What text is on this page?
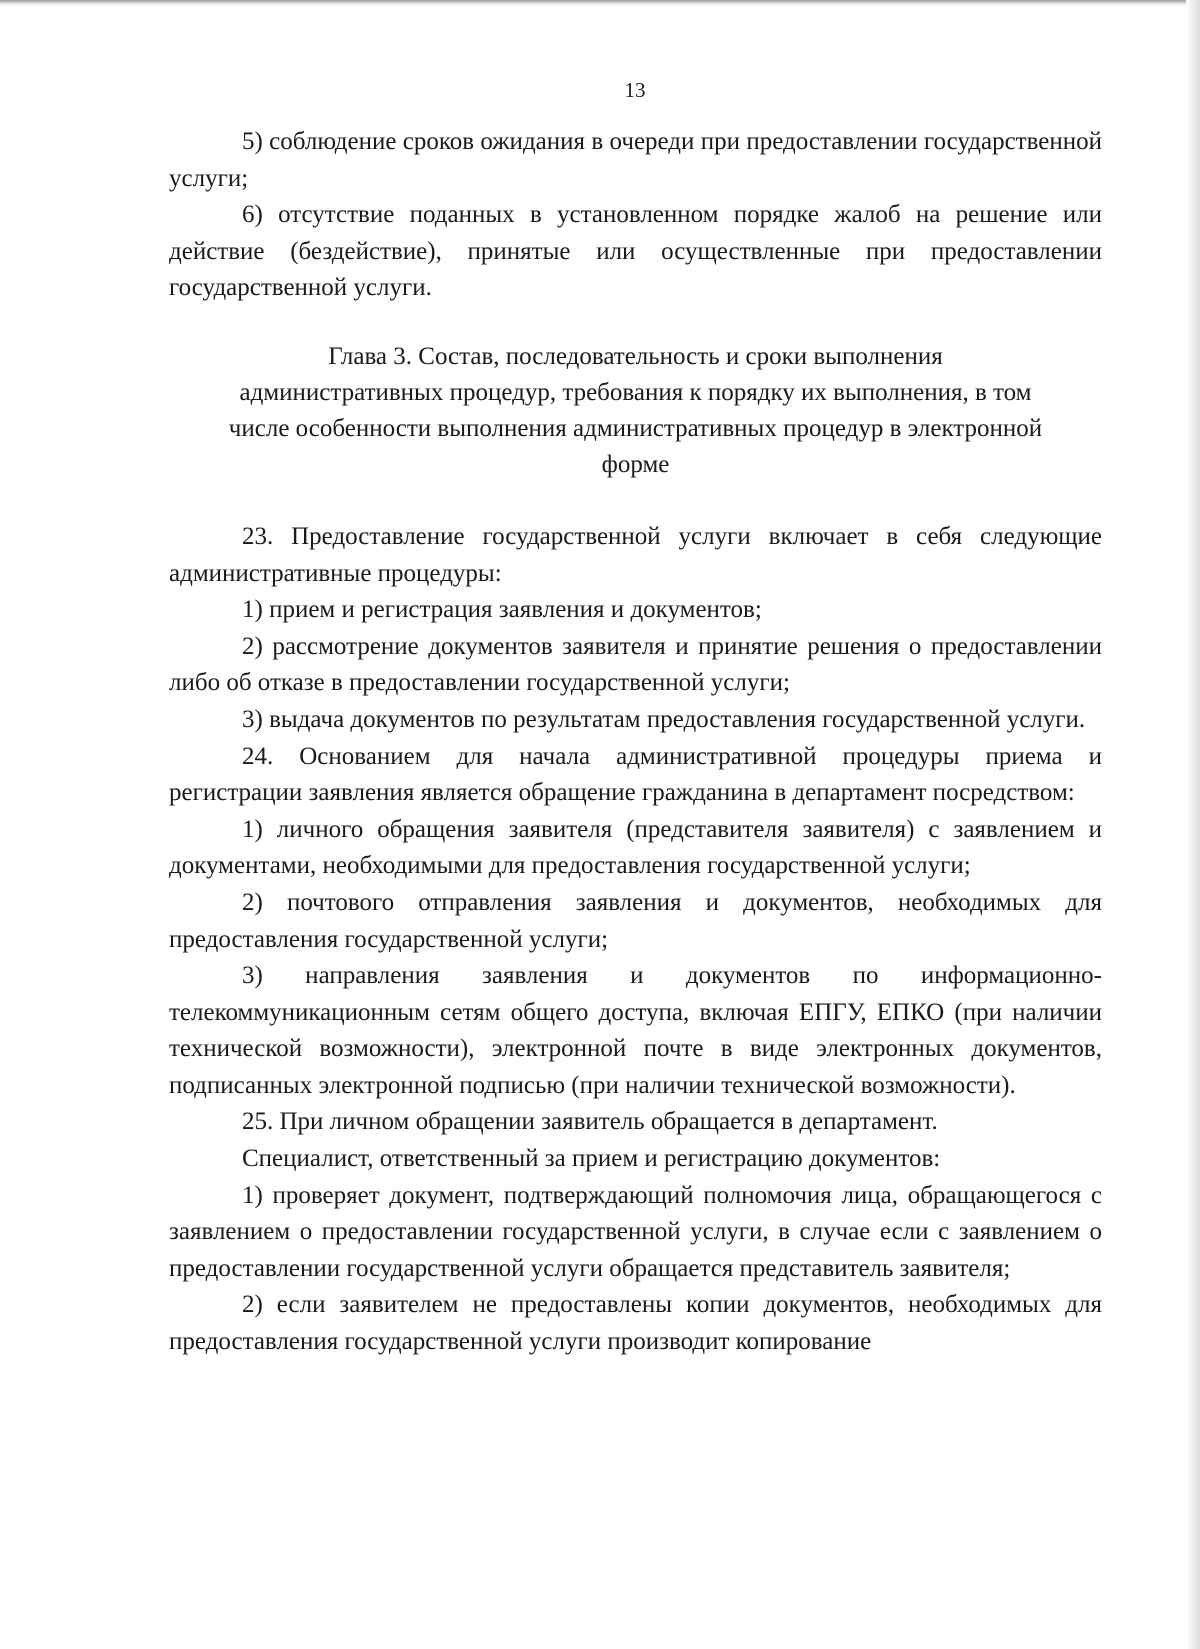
13

5) соблюдение сроков ожидания в очереди при предоставлении государственной услуги;

6) отсутствие поданных в установленном порядке жалоб на решение или действие (бездействие), принятые или осуществленные при предоставлении государственной услуги.

Глава 3. Состав, последовательность и сроки выполнения
административных процедур, требования к порядку их выполнения, в том
числе особенности выполнения административных процедур в электронной
форме

23. Предоставление государственной услуги включает в себя следующие административные процедуры:

1) прием и регистрация заявления и документов;

2) рассмотрение документов заявителя и принятие решения о предоставлении либо об отказе в предоставлении государственной услуги;

3) выдача документов по результатам предоставления государственной услуги.

24. Основанием для начала административной процедуры приема и регистрации заявления является обращение гражданина в департамент посредством:

1) личного обращения заявителя (представителя заявителя) с заявлением и документами, необходимыми для предоставления государственной услуги;

2) почтового отправления заявления и документов, необходимых для предоставления государственной услуги;

3) направления заявления и документов по информационно-телекоммуникационным сетям общего доступа, включая ЕПГУ, ЕПКО (при наличии технической возможности), электронной почте в виде электронных документов, подписанных электронной подписью (при наличии технической возможности).

25. При личном обращении заявитель обращается в департамент.

Специалист, ответственный за прием и регистрацию документов:

1) проверяет документ, подтверждающий полномочия лица, обращающегося с заявлением о предоставлении государственной услуги, в случае если с заявлением о предоставлении государственной услуги обращается представитель заявителя;

2) если заявителем не предоставлены копии документов, необходимых для предоставления государственной услуги производит копирование
